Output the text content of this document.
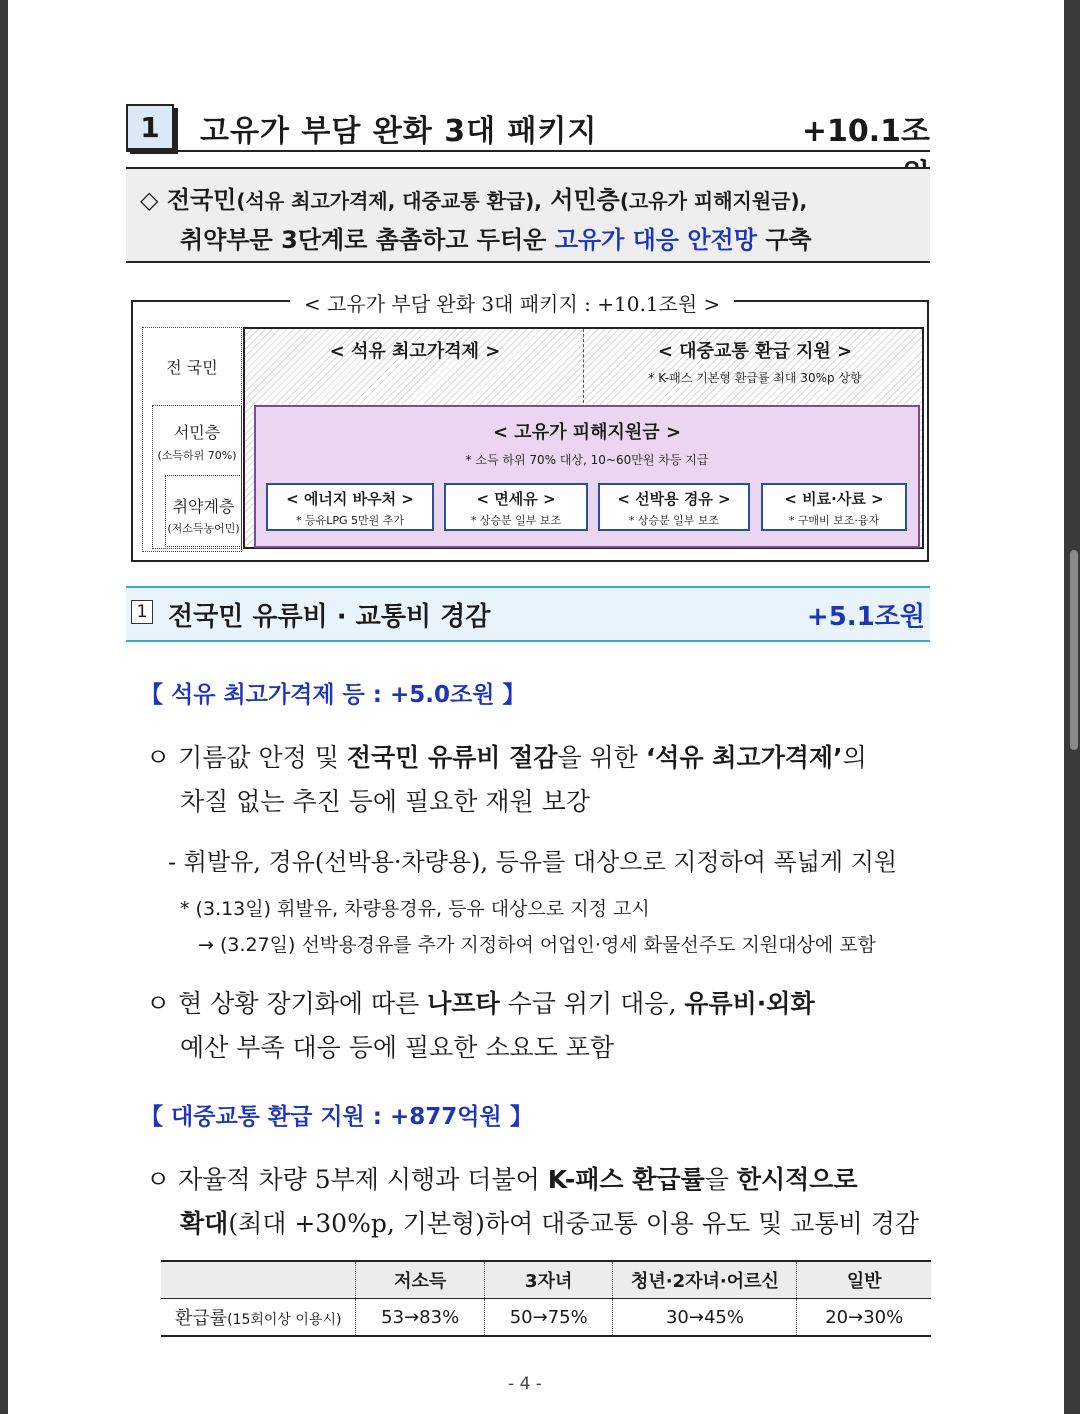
1	고유가 부담 완화 3대 패키지	+10.1조
◇ 전국민(석유 최고가격제, 대중교통 환급), 서민층(고유가 피해지원금),
취약부문 3단계로 촘촘하고 두터운 고유가 대응 안전망 구축
< 고유가 부담 완화 3대 패키지 : +10.1조원 >
전 국민
서민층
(소득하위 70%)
취약계층
(저소득농어민)
< 석유 최고가격제 >	< 대중교통 환급 지원 >
* K-패스 기본형 환급률 최대 30%p 상향
< 고유가 피해지원금 >
* 소득 하위 70% 대상, 10~60만원 차등 지급
< 에너지 바우처 >
* 등유LPG 5만원 추가
< 면세유 >
* 상승분 일부 보조
< 선박용 경유 >
* 상승분 일부 보조
< 비료·사료 >
* 구매비 보조·융자
1 전국민 유류비 · 교통비 경감	+5.1조원
【 석유 최고가격제 등 : +5.0조원 】
ㅇ 기름값 안정 및 전국민 유류비 절감을 위한 ‘석유 최고가격제’의
차질 없는 추진 등에 필요한 재원 보강
- 휘발유, 경유(선박용·차량용), 등유를 대상으로 지정하여 폭넓게 지원
* (3.13일) 휘발유, 차량용경유, 등유 대상으로 지정 고시
→ (3.27일) 선박용경유를 추가 지정하여 어업인·영세 화물선주도 지원대상에 포함
ㅇ 현 상황 장기화에 따른 나프타 수급 위기 대응, 유류비·외화
예산 부족 대응 등에 필요한 소요도 포함
【 대중교통 환급 지원 : +877억원 】
ㅇ 자율적 차량 5부제 시행과 더불어 K-패스 환급률을 한시적으로
확대(최대 +30%p, 기본형)하여 대중교통 이용 유도 및 교통비 경감
	저소득	3자녀	청년·2자녀·어르신	일반
환급률(15회이상 이용시)	53→83%	50→75%	30→45%	20→30%
- 4 -
